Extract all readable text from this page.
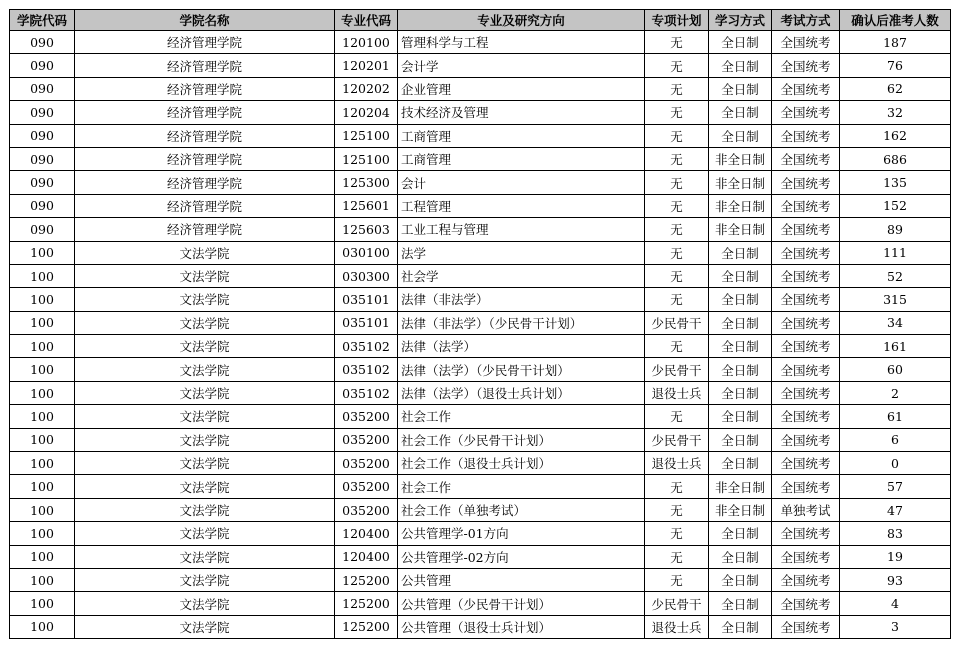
学院代码	学院名称	专业代码	专业及研究方向	专项计划	学习方式	考试方式	确认后准考人数
090	经济管理学院	120100	管理科学与工程	无	全日制	全国统考	187
090	经济管理学院	120201	会计学	无	全日制	全国统考	76
090	经济管理学院	120202	企业管理	无	全日制	全国统考	62
090	经济管理学院	120204	技术经济及管理	无	全日制	全国统考	32
090	经济管理学院	125100	工商管理	无	全日制	全国统考	162
090	经济管理学院	125100	工商管理	无	非全日制	全国统考	686
090	经济管理学院	125300	会计	无	非全日制	全国统考	135
090	经济管理学院	125601	工程管理	无	非全日制	全国统考	152
090	经济管理学院	125603	工业工程与管理	无	非全日制	全国统考	89
100	文法学院	030100	法学	无	全日制	全国统考	111
100	文法学院	030300	社会学	无	全日制	全国统考	52
100	文法学院	035101	法律（非法学）	无	全日制	全国统考	315
100	文法学院	035101	法律（非法学）（少民骨干计划）	少民骨干	全日制	全国统考	34
100	文法学院	035102	法律（法学）	无	全日制	全国统考	161
100	文法学院	035102	法律（法学）（少民骨干计划）	少民骨干	全日制	全国统考	60
100	文法学院	035102	法律（法学）（退役士兵计划）	退役士兵	全日制	全国统考	2
100	文法学院	035200	社会工作	无	全日制	全国统考	61
100	文法学院	035200	社会工作（少民骨干计划）	少民骨干	全日制	全国统考	6
100	文法学院	035200	社会工作（退役士兵计划）	退役士兵	全日制	全国统考	0
100	文法学院	035200	社会工作	无	非全日制	全国统考	57
100	文法学院	035200	社会工作（单独考试）	无	非全日制	单独考试	47
100	文法学院	120400	公共管理学-01方向	无	全日制	全国统考	83
100	文法学院	120400	公共管理学-02方向	无	全日制	全国统考	19
100	文法学院	125200	公共管理	无	全日制	全国统考	93
100	文法学院	125200	公共管理（少民骨干计划）	少民骨干	全日制	全国统考	4
100	文法学院	125200	公共管理（退役士兵计划）	退役士兵	全日制	全国统考	3
